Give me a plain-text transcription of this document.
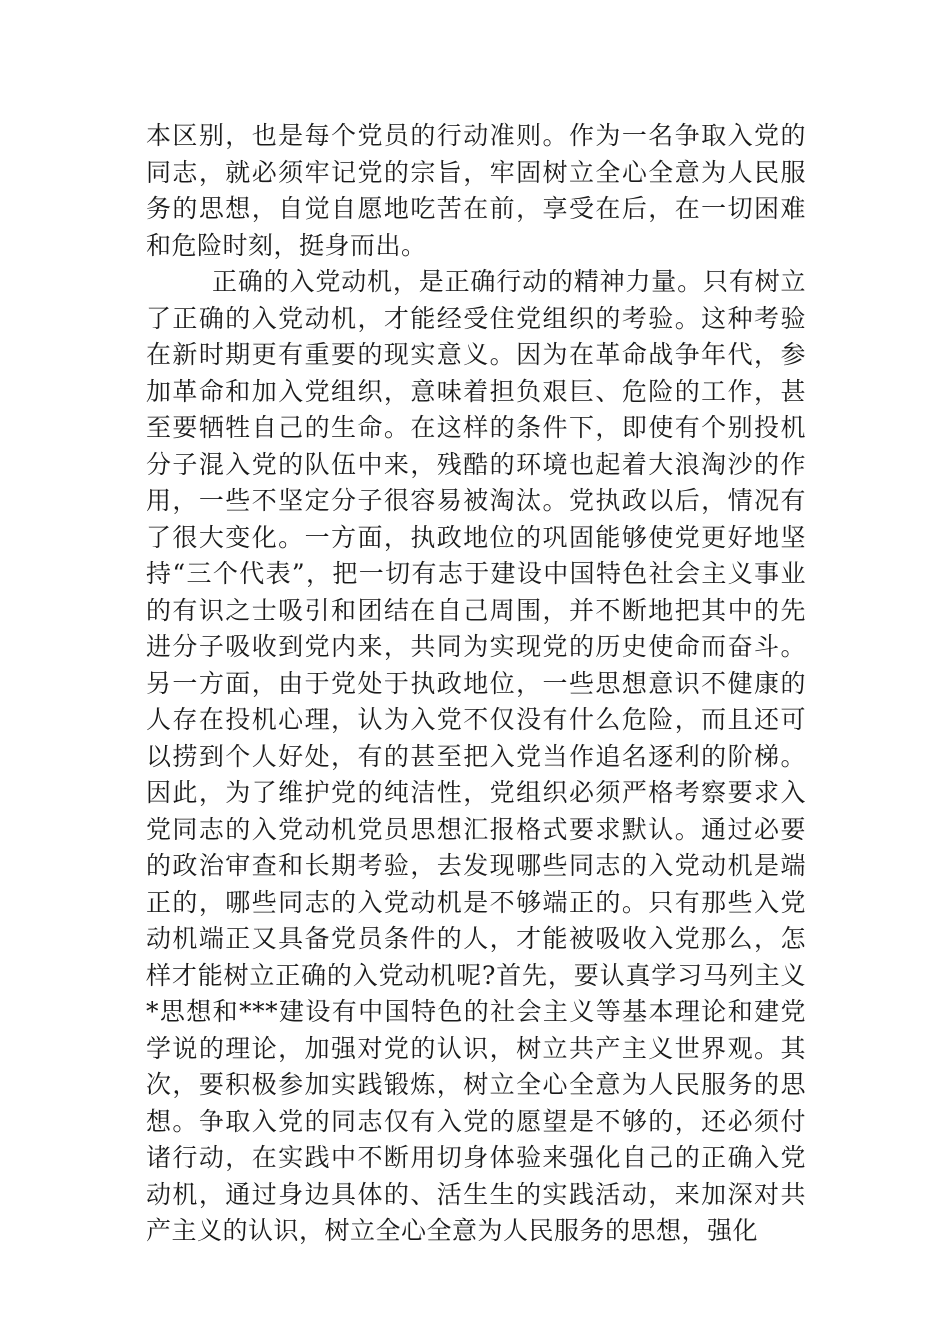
本区别，也是每个党员的行动准则。作为一名争取入党的同志，就必须牢记党的宗旨，牢固树立全心全意为人民服务的思想，自觉自愿地吃苦在前，享受在后，在一切困难和危险时刻，挺身而出。

正确的入党动机，是正确行动的精神力量。只有树立了正确的入党动机，才能经受住党组织的考验。这种考验在新时期更有重要的现实意义。因为在革命战争年代，参加革命和加入党组织，意味着担负艰巨、危险的工作，甚至要牺牲自己的生命。在这样的条件下，即使有个别投机分子混入党的队伍中来，残酷的环境也起着大浪淘沙的作用，一些不坚定分子很容易被淘汰。党执政以后，情况有了很大变化。一方面，执政地位的巩固能够使党更好地坚持“三个代表”，把一切有志于建设中国特色社会主义事业的有识之士吸引和团结在自己周围，并不断地把其中的先进分子吸收到党内来，共同为实现党的历史使命而奋斗。另一方面，由于党处于执政地位，一些思想意识不健康的人存在投机心理，认为入党不仅没有什么危险，而且还可以捞到个人好处，有的甚至把入党当作追名逐利的阶梯。因此，为了维护党的纯洁性，党组织必须严格考察要求入党同志的入党动机党员思想汇报格式要求默认。通过必要的政治审查和长期考验，去发现哪些同志的入党动机是端正的，哪些同志的入党动机是不够端正的。只有那些入党动机端正又具备党员条件的人，才能被吸收入党那么，怎样才能树立正确的入党动机呢?首先，要认真学习马列主义*思想和***建设有中国特色的社会主义等基本理论和建党学说的理论，加强对党的认识，树立共产主义世界观。其次，要积极参加实践锻炼，树立全心全意为人民服务的思想。争取入党的同志仅有入党的愿望是不够的，还必须付诸行动，在实践中不断用切身体验来强化自己的正确入党动机，通过身边具体的、活生生的实践活动，来加深对共产主义的认识，树立全心全意为人民服务的思想，强化
